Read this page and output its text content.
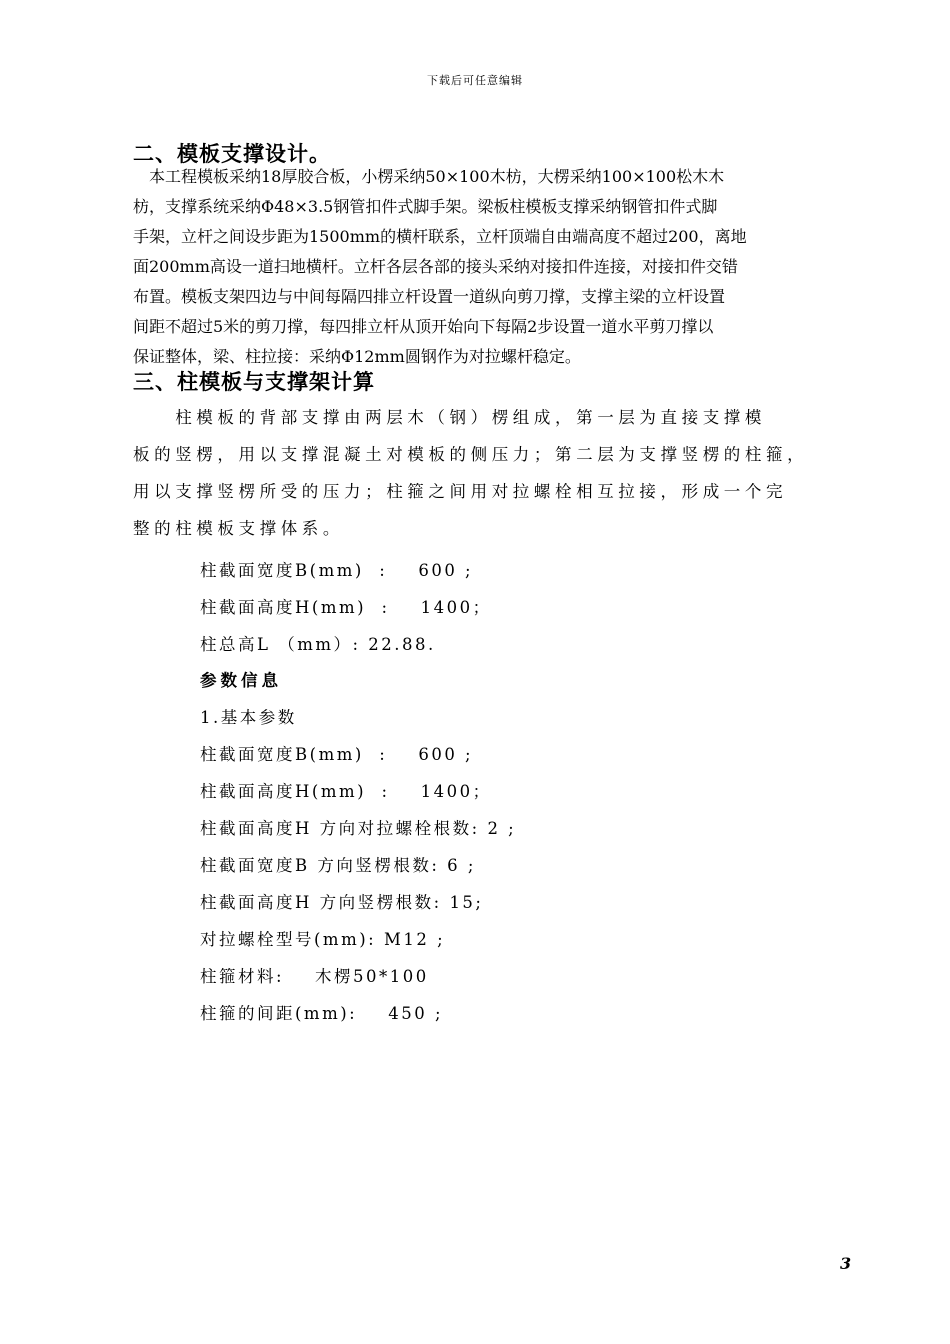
下载后可任意编辑
二、模板支撑设计。
　本工程模板采纳18厚胶合板，小楞采纳50×100木枋，大楞采纳100×100松木木
枋，支撑系统采纳Φ48×3.5钢管扣件式脚手架。梁板柱模板支撑采纳钢管扣件式脚
手架，立杆之间设步距为1500mm的横杆联系，立杆顶端自由端高度不超过200，离地
面200mm高设一道扫地横杆。立杆各层各部的接头采纳对接扣件连接，对接扣件交错
布置。模板支架四边与中间每隔四排立杆设置一道纵向剪刀撑，支撑主梁的立杆设置
间距不超过5米的剪刀撑，每四排立杆从顶开始向下每隔2步设置一道水平剪刀撑以
保证整体，梁、柱拉接：采纳Φ12mm圆钢作为对拉螺杆稳定。
三、柱模板与支撑架计算
　　柱模板的背部支撑由两层木（钢）楞组成，第一层为直接支撑模
板的竖楞，用以支撑混凝土对模板的侧压力；第二层为支撑竖楞的柱箍，
用以支撑竖楞所受的压力；柱箍之间用对拉螺栓相互拉接，形成一个完
整的柱模板支撑体系。
柱截面宽度B(mm)  :    600 ;
柱截面高度H(mm)  :    1400；
柱总高L （mm）: 22.88.
参数信息
1.基本参数
柱截面宽度B(mm)  :    600 ;
柱截面高度H(mm)  :    1400；
柱截面高度H 方向对拉螺栓根数: 2 ;
柱截面宽度B 方向竖楞根数: 6 ;
柱截面高度H 方向竖楞根数: 15;
对拉螺栓型号(mm): M12 ;
柱箍材料:    木楞50*100
柱箍的间距(mm):    450 ;
3
